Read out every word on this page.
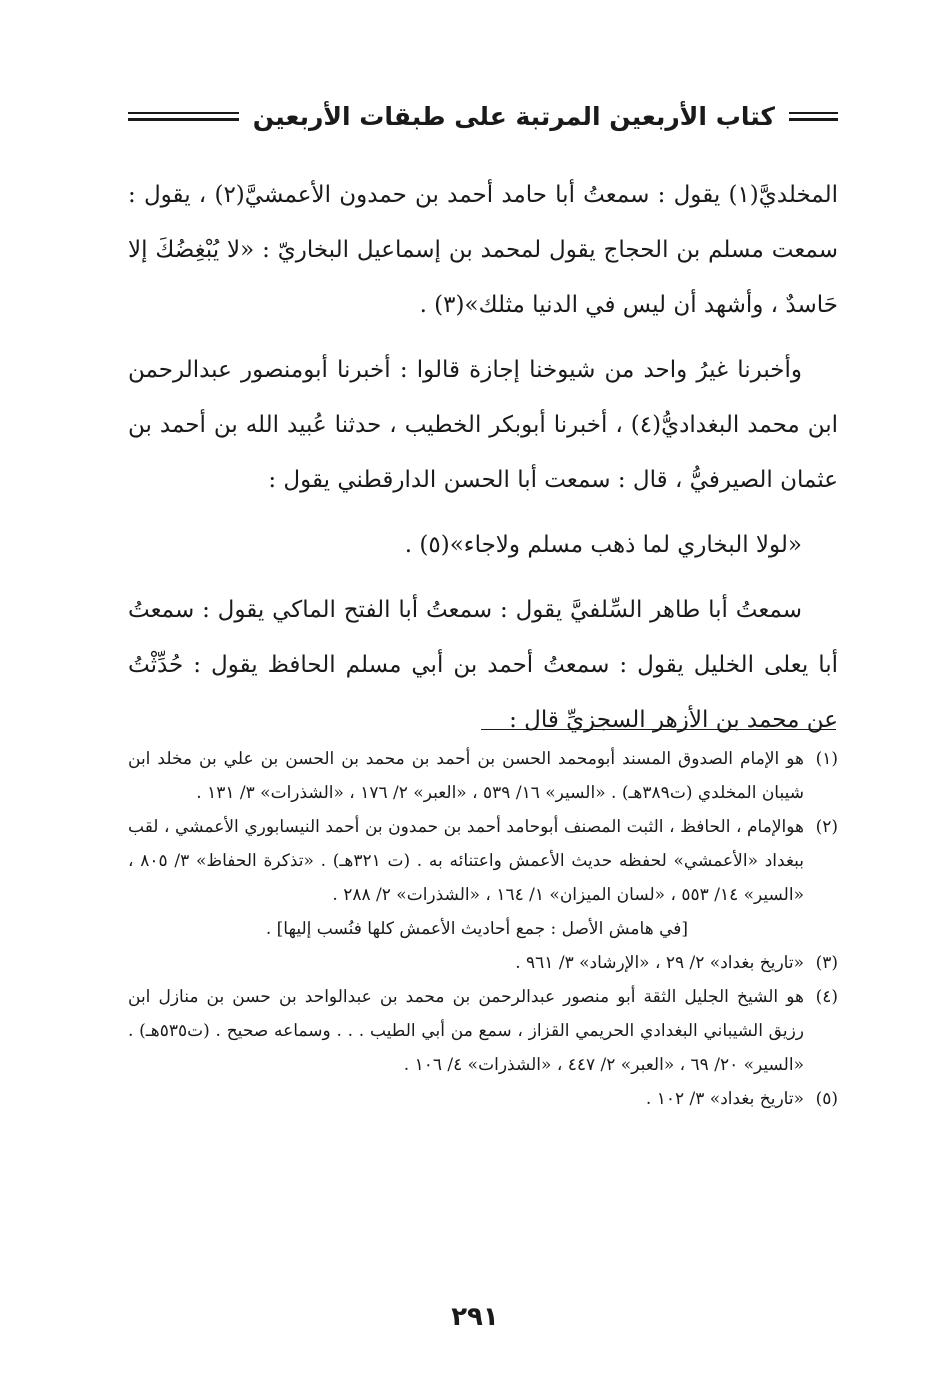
كتاب الأربعين المرتبة على طبقات الأربعين

المخلديَّ(١) يقول : سمعتُ أبا حامد أحمد بن حمدون الأعمشيَّ(٢) ، يقول : سمعت مسلم بن الحجاج يقول لمحمد بن إسماعيل البخاريّ : «لا يُبْغِضُكَ إلا حَاسدٌ ، وأشهد أن ليس في الدنيا مثلك»(٣) .

وأخبرنا غيرُ واحد من شيوخنا إجازة قالوا : أخبرنا أبومنصور عبدالرحمن ابن محمد البغداديُّ(٤) ، أخبرنا أبوبكر الخطيب ، حدثنا عُبيد الله بن أحمد بن عثمان الصيرفيُّ ، قال : سمعت أبا الحسن الدارقطني يقول :

«لولا البخاري لما ذهب مسلم ولاجاء»(٥) .

سمعتُ أبا طاهر السِّلفيَّ يقول : سمعتُ أبا الفتح الماكي يقول : سمعتُ أبا يعلى الخليل يقول : سمعتُ أحمد بن أبي مسلم الحافظ يقول : حُدِّثْتُ عن محمد بن الأزهر السجزيِّ قال :

(١)
هو الإمام الصدوق المسند أبومحمد الحسن بن أحمد بن محمد بن الحسن بن علي بن مخلد ابن شيبان المخلدي (ت٣٨٩هـ) . «السير» ١٦/ ٥٣٩ ، «العبر» ٢/ ١٧٦ ، «الشذرات» ٣/ ١٣١ .
(٢)
هوالإمام ، الحافظ ، الثبت المصنف أبوحامد أحمد بن حمدون بن أحمد النيسابوري الأعمشي ، لقب ببغداد «الأعمشي» لحفظه حديث الأعمش واعتنائه به . (ت ٣٢١هـ) . «تذكرة الحفاظ» ٣/ ٨٠٥ ، «السير» ١٤/ ٥٥٣ ، «لسان الميزان» ١/ ١٦٤ ، «الشذرات» ٢/ ٢٨٨ .
[في هامش الأصل : جمع أحاديث الأعمش كلها فنُسب إليها] .
(٣)
«تاريخ بغداد» ٢/ ٢٩ ، «الإرشاد» ٣/ ٩٦١ .
(٤)
هو الشيخ الجليل الثقة أبو منصور عبدالرحمن بن محمد بن عبدالواحد بن حسن بن منازل ابن رزيق الشيباني البغدادي الحريمي القزاز ، سمع من أبي الطيب . . . وسماعه صحيح . (ت٥٣٥هـ) . «السير» ٢٠/ ٦٩ ، «العبر» ٢/ ٤٤٧ ، «الشذرات» ٤/ ١٠٦ .
(٥)
«تاريخ بغداد» ٣/ ١٠٢ .
٢٩١
